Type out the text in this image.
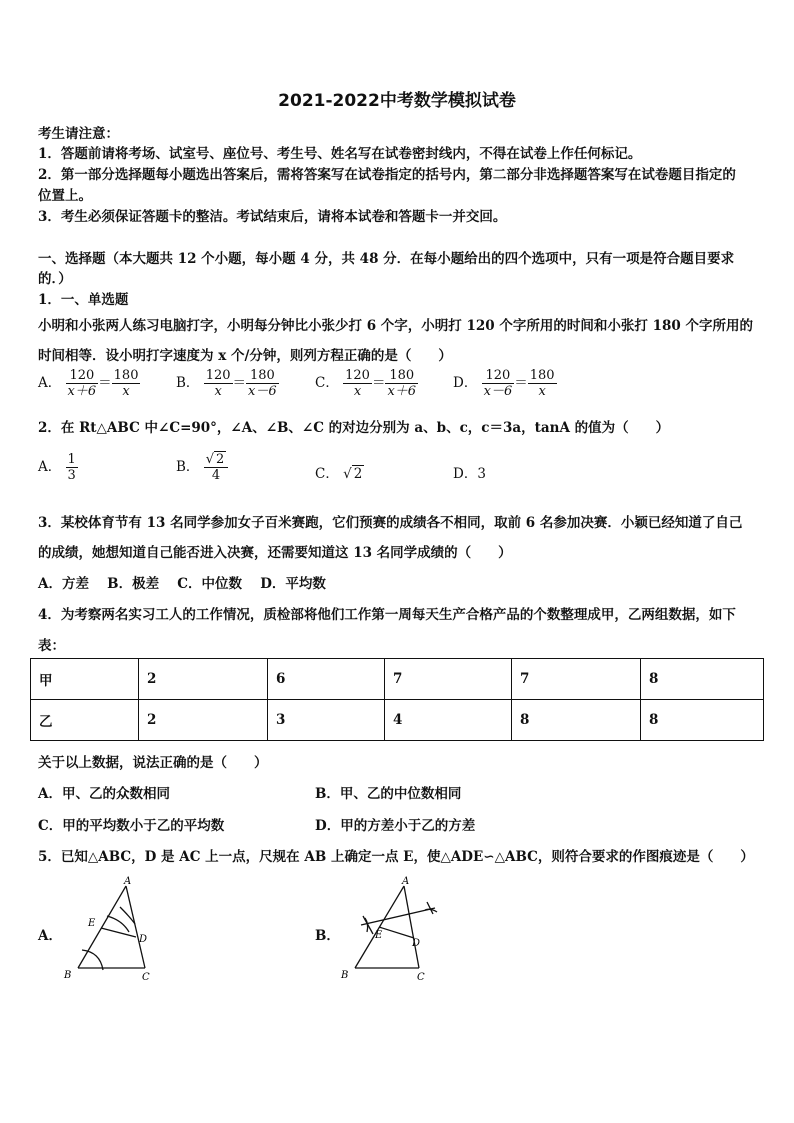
2021-2022中考数学模拟试卷
考生请注意：
1．答题前请将考场、试室号、座位号、考生号、姓名写在试卷密封线内，不得在试卷上作任何标记。
2．第一部分选择题每小题选出答案后，需将答案写在试卷指定的括号内，第二部分非选择题答案写在试卷题目指定的
位置上。
3．考生必须保证答题卡的整洁。考试结束后，请将本试卷和答题卡一并交回。
一、选择题（本大题共 12 个小题，每小题 4 分，共 48 分．在每小题给出的四个选项中，只有一项是符合题目要求
的．）
1．一、单选题
小明和小张两人练习电脑打字，小明每分钟比小张少打 6 个字，小明打 120 个字所用的时间和小张打 180 个字所用的
时间相等．设小明打字速度为 x 个/分钟，则列方程正确的是（　　）
A． $\frac{120}{x+6} = \frac{180}{x}$	B． $\frac{120}{x} = \frac{180}{x-6}$	C． $\frac{120}{x} = \frac{180}{x+6}$	D． $\frac{120}{x-6} = \frac{180}{x}$
2．在 Rt△ABC 中∠C=90°，∠A、∠B、∠C 的对边分别为 a、b、c，c＝3a，tanA 的值为（　　）
A． $\frac{1}{3}$	B． $\frac{√ 2}{4}$	C． √ 2	D．3
3．某校体育节有 13 名同学参加女子百米赛跑，它们预赛的成绩各不相同，取前 6 名参加决赛．小颖已经知道了自己
的成绩，她想知道自己能否进入决赛，还需要知道这 13 名同学成绩的（　　）
A．方差　 B．极差　 C．中位数　 D．平均数
4．为考察两名实习工人的工作情况，质检部将他们工作第一周每天生产合格产品的个数整理成甲，乙两组数据，如下
表：
甲	2	6	7	7	8
乙	2	3	4	8	8
关于以上数据，说法正确的是（　　）
A．甲、乙的众数相同	B．甲、乙的中位数相同
C．甲的平均数小于乙的平均数	D．甲的方差小于乙的方差
5．已知△ABC，D 是 AC 上一点，尺规在 AB 上确定一点 E，使△ADE∽△ABC，则符合要求的作图痕迹是（　　）
A．
A
B	C
D
E
B．
A
B	C
D
E
